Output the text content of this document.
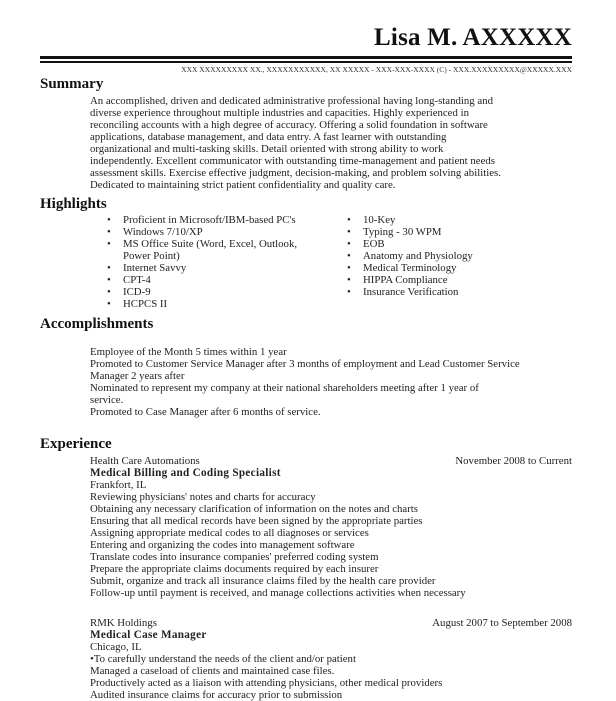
Lisa M. AXXXXX
XXX XXXXXXXXX XX., XXXXXXXXXXX, XX XXXXX - XXX-XXX-XXXX (C) - XXX.XXXXXXXXX@XXXXX.XXX
Summary
An accomplished, driven and dedicated administrative professional having long-standing and
diverse experience throughout multiple industries and capacities. Highly experienced in
reconciling accounts with a high degree of accuracy. Offering a solid foundation in software
applications, database management, and data entry. A fast learner with outstanding
organizational and multi-tasking skills. Detail oriented with strong ability to work
independently. Excellent communicator with outstanding time-management and patient needs
assessment skills. Exercise effective judgment, decision-making, and problem solving abilities.
Dedicated to maintaining strict patient confidentiality and quality care.
Highlights
• Proficient in Microsoft/IBM-based PC's
• Windows 7/10/XP
• MS Office Suite (Word, Excel, Outlook,
Power Point)
• Internet Savvy
• CPT-4
• ICD-9
• HCPCS II
• 10-Key
• Typing - 30 WPM
• EOB
• Anatomy and Physiology
• Medical Terminology
• HIPPA Compliance
• Insurance Verification
Accomplishments
Employee of the Month 5 times within 1 year
Promoted to Customer Service Manager after 3 months of employment and Lead Customer Service
Manager 2 years after
Nominated to represent my company at their national shareholders meeting after 1 year of
service.
Promoted to Case Manager after 6 months of service.
Experience
Health Care Automations	November 2008 to Current
Medical Billing and Coding Specialist
Frankfort, IL
Reviewing physicians' notes and charts for accuracy
Obtaining any necessary clarification of information on the notes and charts
Ensuring that all medical records have been signed by the appropriate parties
Assigning appropriate medical codes to all diagnoses or services
Entering and organizing the codes into management software
Translate codes into insurance companies' preferred coding system
Prepare the appropriate claims documents required by each insurer
Submit, organize and track all insurance claims filed by the health care provider
Follow-up until payment is received, and manage collections activities when necessary
RMK Holdings	August 2007 to September 2008
Medical Case Manager
Chicago, IL
•To carefully understand the needs of the client and/or patient
Managed a caseload of clients and maintained case files.
Productively acted as a liaison with attending physicians, other medical providers
Audited insurance claims for accuracy prior to submission
